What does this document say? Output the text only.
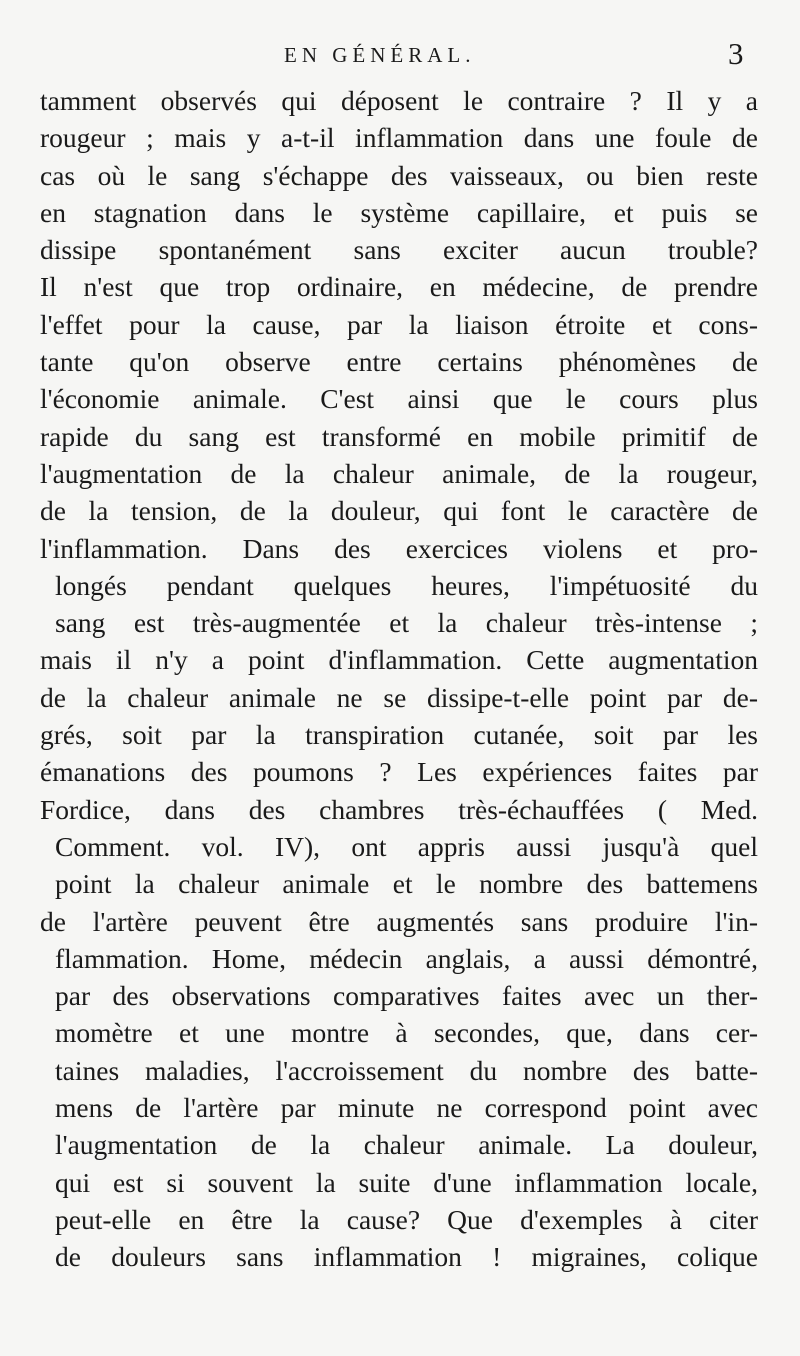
EN GÉNÉRAL.	3
tamment observés qui déposent le contraire ? Il y a
rougeur ; mais y a-t-il inflammation dans une foule de
cas où le sang s'échappe des vaisseaux, ou bien reste
en stagnation dans le système capillaire, et puis se
dissipe spontanément sans exciter aucun trouble?
Il n'est que trop ordinaire, en médecine, de prendre
l'effet pour la cause, par la liaison étroite et cons-
tante qu'on observe entre certains phénomènes de
l'économie animale. C'est ainsi que le cours plus
rapide du sang est transformé en mobile primitif de
l'augmentation de la chaleur animale, de la rougeur,
de la tension, de la douleur, qui font le caractère de
l'inflammation. Dans des exercices violens et pro-
longés pendant quelques heures, l'impétuosité du
sang est très-augmentée et la chaleur très-intense ;
mais il n'y a point d'inflammation. Cette augmentation
de la chaleur animale ne se dissipe-t-elle point par de-
grés, soit par la transpiration cutanée, soit par les
émanations des poumons ? Les expériences faites par
Fordice, dans des chambres très-échauffées ( Med.
Comment. vol. IV), ont appris aussi jusqu'à quel
point la chaleur animale et le nombre des battemens
de l'artère peuvent être augmentés sans produire l'in-
flammation. Home, médecin anglais, a aussi démontré,
par des observations comparatives faites avec un ther-
momètre et une montre à secondes, que, dans cer-
taines maladies, l'accroissement du nombre des batte-
mens de l'artère par minute ne correspond point avec
l'augmentation de la chaleur animale. La douleur,
qui est si souvent la suite d'une inflammation locale,
peut-elle en être la cause? Que d'exemples à citer
de douleurs sans inflammation ! migraines, colique
